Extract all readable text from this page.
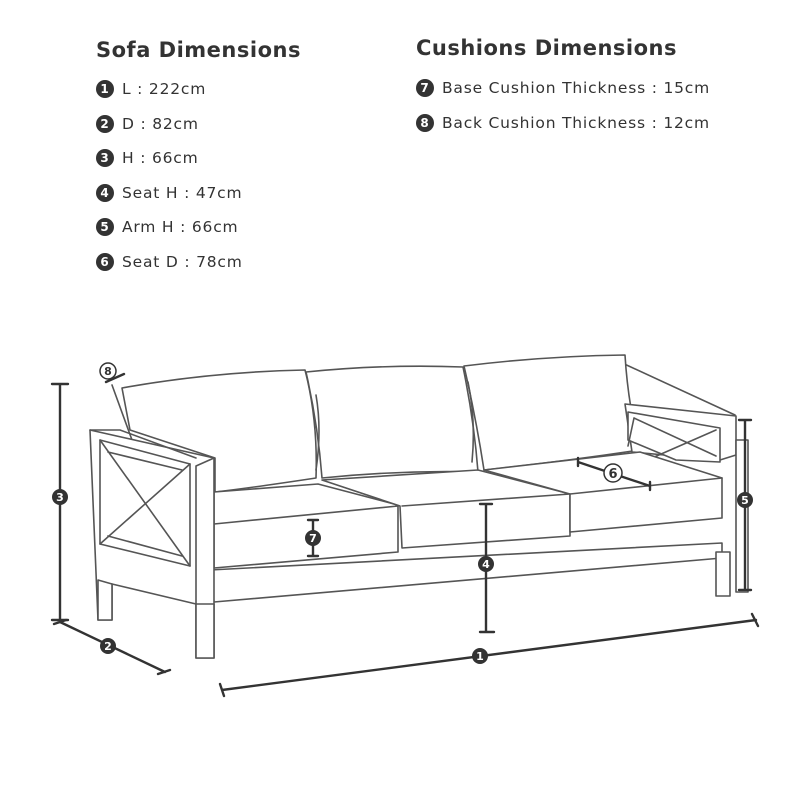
Sofa Dimensions	Cushions Dimensions
1 L : 222cm
2 D : 82cm
3 H : 66cm
4 Seat H : 47cm
5 Arm H : 66cm
6 Seat D : 78cm
7 Base Cushion Thickness : 15cm
8 Back Cushion Thickness : 12cm
1
2
3
4
5
6
7
8
